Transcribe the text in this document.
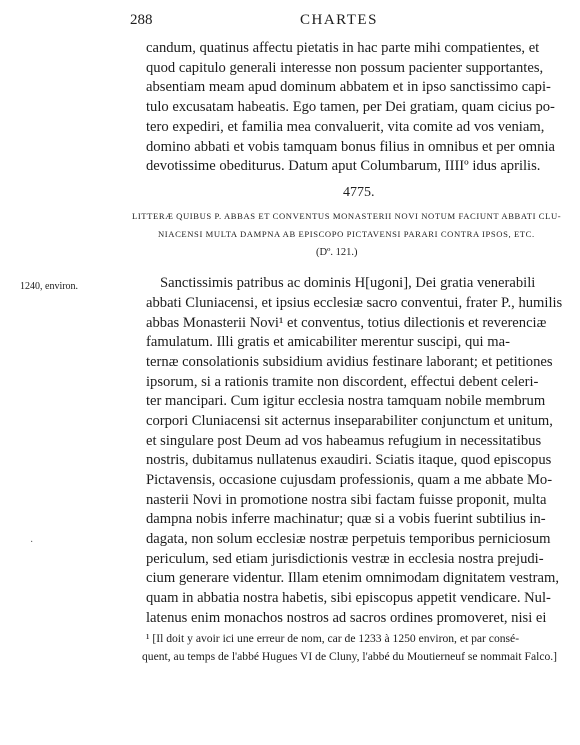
288	CHARTES
candum, quatinus affectu pietatis in hac parte mihi compatientes, et
quod capitulo generali interesse non possum pacienter supportantes,
absentiam meam apud dominum abbatem et in ipso sanctissimo capi-
tulo excusatam habeatis. Ego tamen, per Dei gratiam, quam cicius po-
tero expediri, et familia mea convaluerit, vita comite ad vos veniam,
domino abbati et vobis tamquam bonus filius in omnibus et per omnia
devotissime obediturus. Datum aput Columbarum, IIIIº idus aprilis.
4775.
LITTERÆ QUIBUS P. ABBAS ET CONVENTUS MONASTERII NOVI NOTUM FACIUNT ABBATI CLU-
NIACENSI MULTA DAMPNA AB EPISCOPO PICTAVENSI PARARI CONTRA IPSOS, ETC.
(Dº. 121.)
1240, environ.	Sanctissimis patribus ac dominis H[ugoni], Dei gratia venerabili
abbati Cluniacensi, et ipsius ecclesiæ sacro conventui, frater P., humilis
abbas Monasterii Novi¹ et conventus, totius dilectionis et reverenciæ
famulatum. Illi gratis et amicabiliter merentur suscipi, qui ma-
ternæ consolationis subsidium avidius festinare laborant; et petitiones
ipsorum, si a rationis tramite non discordent, effectui debent celeri-
ter mancipari. Cum igitur ecclesia nostra tamquam nobile membrum
corpori Cluniacensi sit acternus inseparabiliter conjunctum et unitum,
et singulare post Deum ad vos habeamus refugium in necessitatibus
nostris, dubitamus nullatenus exaudiri. Sciatis itaque, quod episcopus
Pictavensis, occasione cujusdam professionis, quam a me abbate Mo-
nasterii Novi in promotione nostra sibi factam fuisse proponit, multa
dampna nobis inferre machinatur; quæ si a vobis fuerint subtilius in-
dagata, non solum ecclesiæ nostræ perpetuis temporibus perniciosum
periculum, sed etiam jurisdictionis vestræ in ecclesia nostra prejudi-
cium generare videntur. Illam etenim omnimodam dignitatem vestram,
quam in abbatia nostra habetis, sibi episcopus appetit vendicare. Nul-
latenus enim monachos nostros ad sacros ordines promoveret, nisi ei
·
¹ [Il doit y avoir ici une erreur de nom, car de 1233 à 1250 environ, et par consé-
quent, au temps de l'abbé Hugues VI de Cluny, l'abbé du Moutierneuf se nommait Falco.]
